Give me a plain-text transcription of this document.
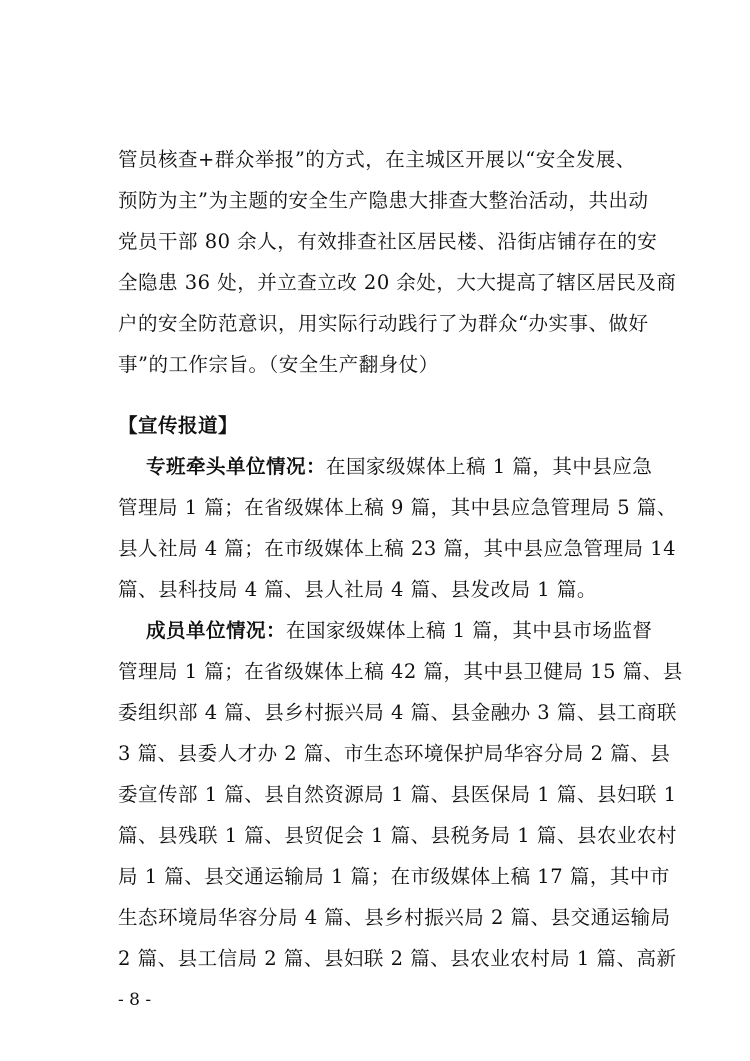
管员核查+群众举报”的方式，在主城区开展以“安全发展、
预防为主”为主题的安全生产隐患大排查大整治活动，共出动
党员干部 80 余人，有效排查社区居民楼、沿街店铺存在的安
全隐患 36 处，并立查立改 20 余处，大大提高了辖区居民及商
户的安全防范意识，用实际行动践行了为群众“办实事、做好
事”的工作宗旨。（安全生产翻身仗）
【宣传报道】
专班牵头单位情况：在国家级媒体上稿 1 篇，其中县应急
管理局 1 篇；在省级媒体上稿 9 篇，其中县应急管理局 5 篇、
县人社局 4 篇；在市级媒体上稿 23 篇，其中县应急管理局 14
篇、县科技局 4 篇、县人社局 4 篇、县发改局 1 篇。
成员单位情况：在国家级媒体上稿 1 篇，其中县市场监督
管理局 1 篇；在省级媒体上稿 42 篇，其中县卫健局 15 篇、县
委组织部 4 篇、县乡村振兴局 4 篇、县金融办 3 篇、县工商联
3 篇、县委人才办 2 篇、市生态环境保护局华容分局 2 篇、县
委宣传部 1 篇、县自然资源局 1 篇、县医保局 1 篇、县妇联 1
篇、县残联 1 篇、县贸促会 1 篇、县税务局 1 篇、县农业农村
局 1 篇、县交通运输局 1 篇；在市级媒体上稿 17 篇，其中市
生态环境局华容分局 4 篇、县乡村振兴局 2 篇、县交通运输局
2 篇、县工信局 2 篇、县妇联 2 篇、县农业农村局 1 篇、高新
- 8 -
